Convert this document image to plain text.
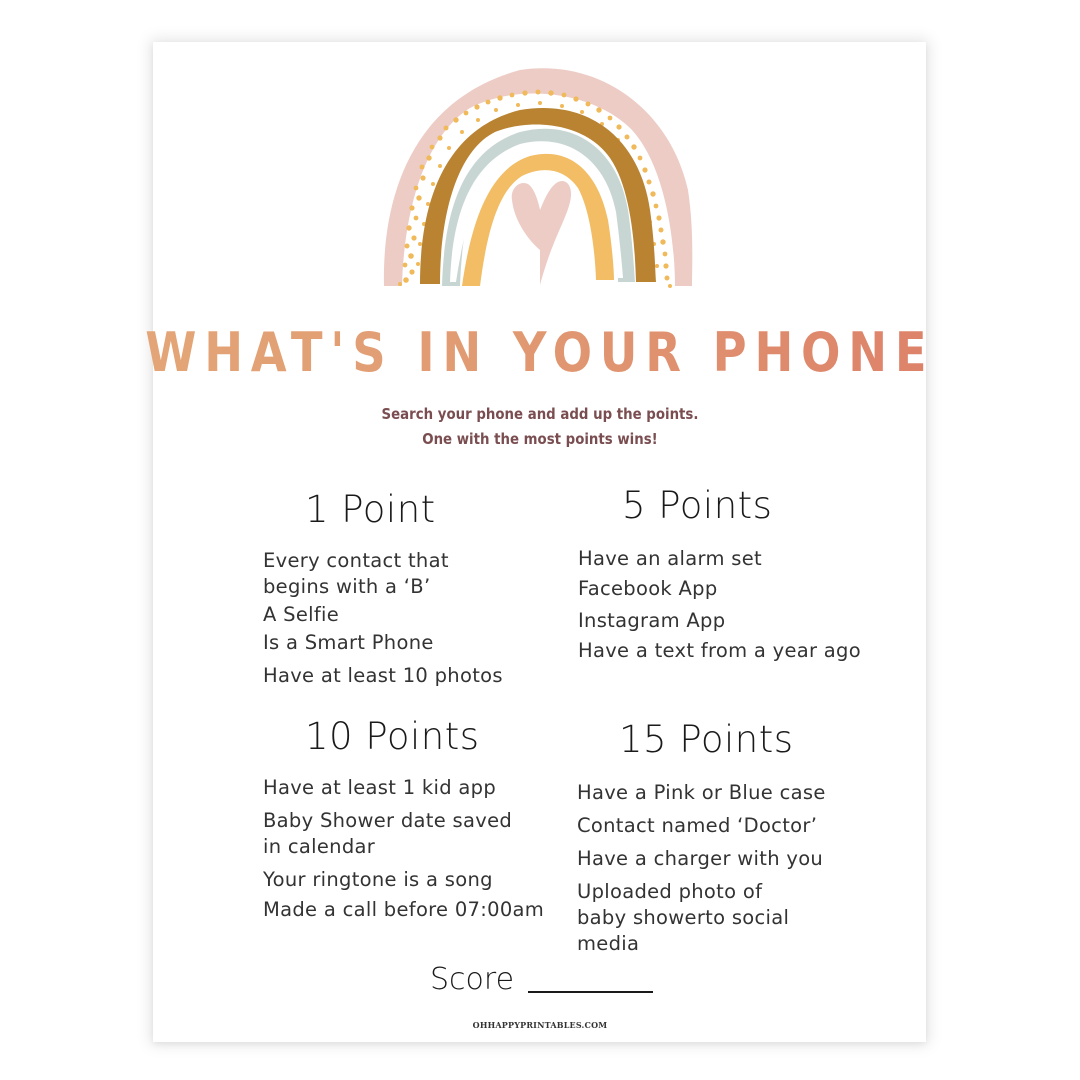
WHAT'S IN YOUR PHONE
Search your phone and add up the points.
One with the most points wins!
1 Point
Every contact that begins with a ‘B’
A Selfie
Is a Smart Phone
Have at least 10 photos
5 Points
Have an alarm set
Facebook App
Instagram App
Have a text from a year ago
10 Points
Have at least 1 kid app
Baby Shower date saved in calendar
Your ringtone is a song
Made a call before 07:00am
15 Points
Have a Pink or Blue case
Contact named ‘Doctor’
Have a charger with you
Uploaded photo of baby showerto social media
Score
OHHAPPYPRINTABLES.COM
